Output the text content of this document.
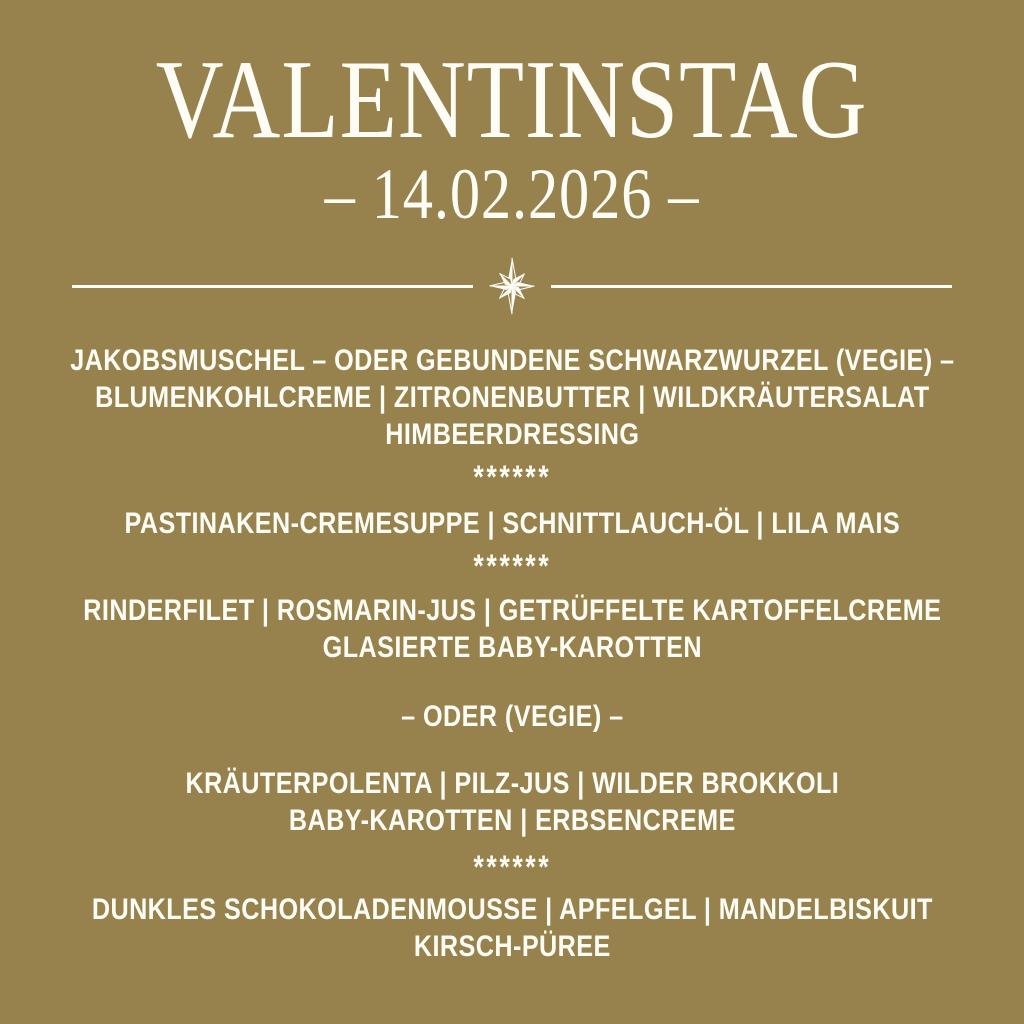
VALENTINSTAG
– 14.02.2026 –
JAKOBSMUSCHEL – ODER GEBUNDENE SCHWARZWURZEL (VEGIE) –
BLUMENKOHLCREME | ZITRONENBUTTER | WILDKRÄUTERSALAT
HIMBEERDRESSING
******
PASTINAKEN-CREMESUPPE | SCHNITTLAUCH-ÖL | LILA MAIS
******
RINDERFILET | ROSMARIN-JUS | GETRÜFFELTE KARTOFFELCREME
GLASIERTE BABY-KAROTTEN
– ODER (VEGIE) –
KRÄUTERPOLENTA | PILZ-JUS | WILDER BROKKOLI
BABY-KAROTTEN | ERBSENCREME
******
DUNKLES SCHOKOLADENMOUSSE | APFELGEL | MANDELBISKUIT
KIRSCH-PÜREE
